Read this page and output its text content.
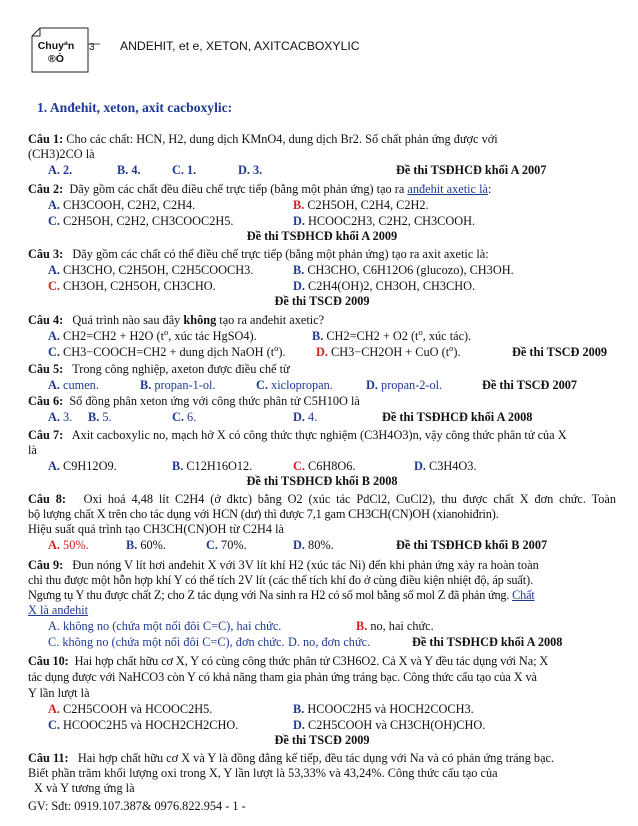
Chuyªn
®Ò
3 ANDEHIT, et e, XETON, AXITCACBOXYLIC
1. Anđehit, xeton, axit cacboxylic:
Câu 1: Cho các chất: HCN, H2, dung dịch KMnO4, dung dịch Br2. Số chất phản ứng được với
(CH3)2CO là
A. 2.	B. 4.	C. 1.	D. 3.	Đề thi TSĐHCĐ khối A 2007
Câu 2: Dãy gồm các chất đều điều chế trực tiếp (bằng một phản ứng) tạo ra anđehit axetic là:
A. CH3COOH, C2H2, C2H4.	B. C2H5OH, C2H4, C2H2.
C. C2H5OH, C2H2, CH3COOC2H5.	D. HCOOC2H3, C2H2, CH3COOH.
Đề thi TSĐHCĐ khối A 2009
Câu 3: Dãy gồm các chất có thể điều chế trực tiếp (bằng một phản ứng) tạo ra axit axetic là:
A. CH3CHO, C2H5OH, C2H5COOCH3.	B. CH3CHO, C6H12O6 (glucozo), CH3OH.
C. CH3OH, C2H5OH, CH3CHO.	D. C2H4(OH)2, CH3OH, CH3CHO.
Đề thi TSCĐ 2009
Câu 4: Quá trình nào sau đây không tạo ra anđehit axetic?
A. CH2=CH2 + H2O ($t^o$, xúc tác HgSO4).	B. CH2=CH2 + O2 ($t^o$, xúc tác).
C. CH3−COOCH=CH2 + dung dịch NaOH $(t^o)$. D. CH3−CH2OH + CuO $(t^o)$.	Đề thi TSCĐ 2009
Câu 5: Trong công nghiệp, axeton được điều chế từ
A. cumen.	B. propan-1-ol.	C. xiclopropan.	D. propan-2-ol.	Đề thi TSCĐ 2007
Câu 6: Số đồng phân xeton ứng với công thức phân tử C5H10O là
A. 3. B. 5.	C. 6.	D. 4.	Đề thi TSĐHCĐ khối A 2008
Câu 7: Axit cacboxylic no, mạch hở X có công thức thực nghiệm (C3H4O3)n, vậy công thức phân tử của X
là
A. C9H12O9.	B. C12H16O12.	C. C6H8O6.	D. C3H4O3.
Đề thi TSĐHCĐ khối B 2008
Câu 8: Oxi hoá 4,48 lít C2H4 (ở đktc) bằng O2 (xúc tác PdCl2, CuCl2), thu được chất X đơn chức. Toàn
bộ lượng chất X trên cho tác dụng với HCN (dư) thì được 7,1 gam CH3CH(CN)OH (xianohiđrin).
Hiệu suất quá trình tạo CH3CH(CN)OH từ C2H4 là
A. 50%.	B. 60%.	C. 70%.	D. 80%.	Đề thi TSĐHCĐ khối B 2007
Câu 9: Đun nóng V lít hơi anđehit X với 3V lít khí H2 (xúc tác Ni) đến khi phản ứng xảy ra hoàn toàn
chỉ thu được một hỗn hợp khí Y có thể tích 2V lít (các thể tích khí đo ở cùng điều kiện nhiệt độ, áp suất).
Ngưng tụ Y thu được chất Z; cho Z tác dụng với Na sinh ra H2 có số mol bằng số mol Z đã phản ứng. Chất
X là anđehit
A. không no (chứa một nối đôi C=C), hai chức.	B. no, hai chức.
C. không no (chứa một nối đôi C=C), đơn chức. D. no, đơn chức.	Đề thi TSĐHCĐ khối A 2008
Câu 10: Hai hợp chất hữu cơ X, Y có cùng công thức phân tử C3H6O2. Cả X và Y đều tác dụng với Na; X
tác dụng được với NaHCO3 còn Y có khả năng tham gia phản ứng tráng bạc. Công thức cấu tạo của X và
Y lần lượt là
A. C2H5COOH và HCOOC2H5.	B. HCOOC2H5 và HOCH2COCH3.
C. HCOOC2H5 và HOCH2CH2CHO.	D. C2H5COOH và CH3CH(OH)CHO.
Đề thi TSCĐ 2009
Câu 11: Hai hợp chất hữu cơ X và Y là đồng đẳng kế tiếp, đều tác dụng với Na và có phản ứng tráng bạc.
Biết phần trăm khối lượng oxi trong X, Y lần lượt là 53,33% và 43,24%. Công thức cấu tạo của
X và Y tương ứng là
GV: Sđt: 0919.107.387& 0976.822.954 - 1 -
